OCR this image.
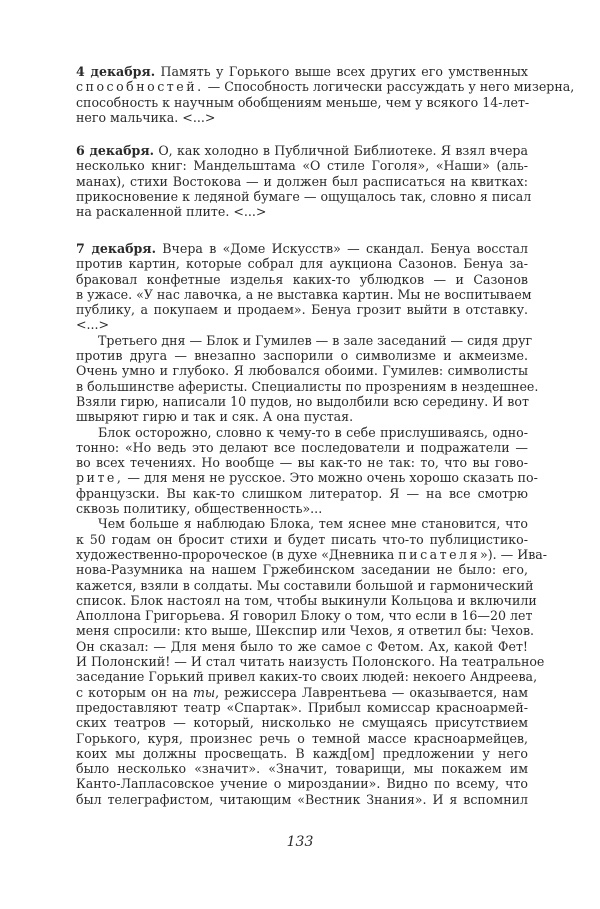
4 декабря. Память у Горького выше всех других его умственных
способностей. — Способность логически рассуждать у него мизерна,
способность к научным обобщениям меньше, чем у всякого 14-лет-
него мальчика. <...>
6 декабря. О, как холодно в Публичной Библиотеке. Я взял вчера
несколько книг: Мандельштама «О стиле Гоголя», «Наши» (аль-
манах), стихи Востокова — и должен был расписаться на квитках:
прикосновение к ледяной бумаге — ощущалось так, словно я писал
на раскаленной плите. <...>
7 декабря. Вчера в «Доме Искусств» — скандал. Бенуа восстал
против картин, которые собрал для аукциона Сазонов. Бенуа за-
браковал конфетные изделья каких-то ублюдков — и Сазонов
в ужасе. «У нас лавочка, а не выставка картин. Мы не воспитываем
публику, а покупаем и продаем». Бенуа грозит выйти в отставку.
<...>
Третьего дня — Блок и Гумилев — в зале заседаний — сидя друг
против друга — внезапно заспорили о символизме и акмеизме.
Очень умно и глубоко. Я любовался обоими. Гумилев: символисты
в большинстве аферисты. Специалисты по прозрениям в нездешнее.
Взяли гирю, написали 10 пудов, но выдолбили всю середину. И вот
швыряют гирю и так и сяк. А она пустая.
Блок осторожно, словно к чему-то в себе прислушиваясь, одно-
тонно: «Но ведь это делают все последователи и подражатели —
во всех течениях. Но вообще — вы как-то не так: то, что вы гово-
рите, — для меня не русское. Это можно очень хорошо сказать по-
французски. Вы как-то слишком литератор. Я — на все смотрю
сквозь политику, общественность»...
Чем больше я наблюдаю Блока, тем яснее мне становится, что
к 50 годам он бросит стихи и будет писать что-то публицистико-
художественно-пророческое (в духе «Дневника писателя»). — Ива-
нова-Разумника на нашем Гржебинском заседании не было: его,
кажется, взяли в солдаты. Мы составили большой и гармонический
список. Блок настоял на том, чтобы выкинули Кольцова и включили
Аполлона Григорьева. Я говорил Блоку о том, что если в 16—20 лет
меня спросили: кто выше, Шекспир или Чехов, я ответил бы: Чехов.
Он сказал: — Для меня было то же самое с Фетом. Ах, какой Фет!
И Полонский! — И стал читать наизусть Полонского. На театральное
заседание Горький привел каких-то своих людей: некоего Андреева,
с которым он на ты, режиссера Лаврентьева — оказывается, нам
предоставляют театр «Спартак». Прибыл комиссар красноармей-
ских театров — который, нисколько не смущаясь присутствием
Горького, куря, произнес речь о темной массе красноармейцев,
коих мы должны просвещать. В кажд[ом] предложении у него
было несколько «значит». «Значит, товарищи, мы покажем им
Канто-Лапласовское учение о мироздании». Видно по всему, что
был телеграфистом, читающим «Вестник Знания». И я вспомнил
133
